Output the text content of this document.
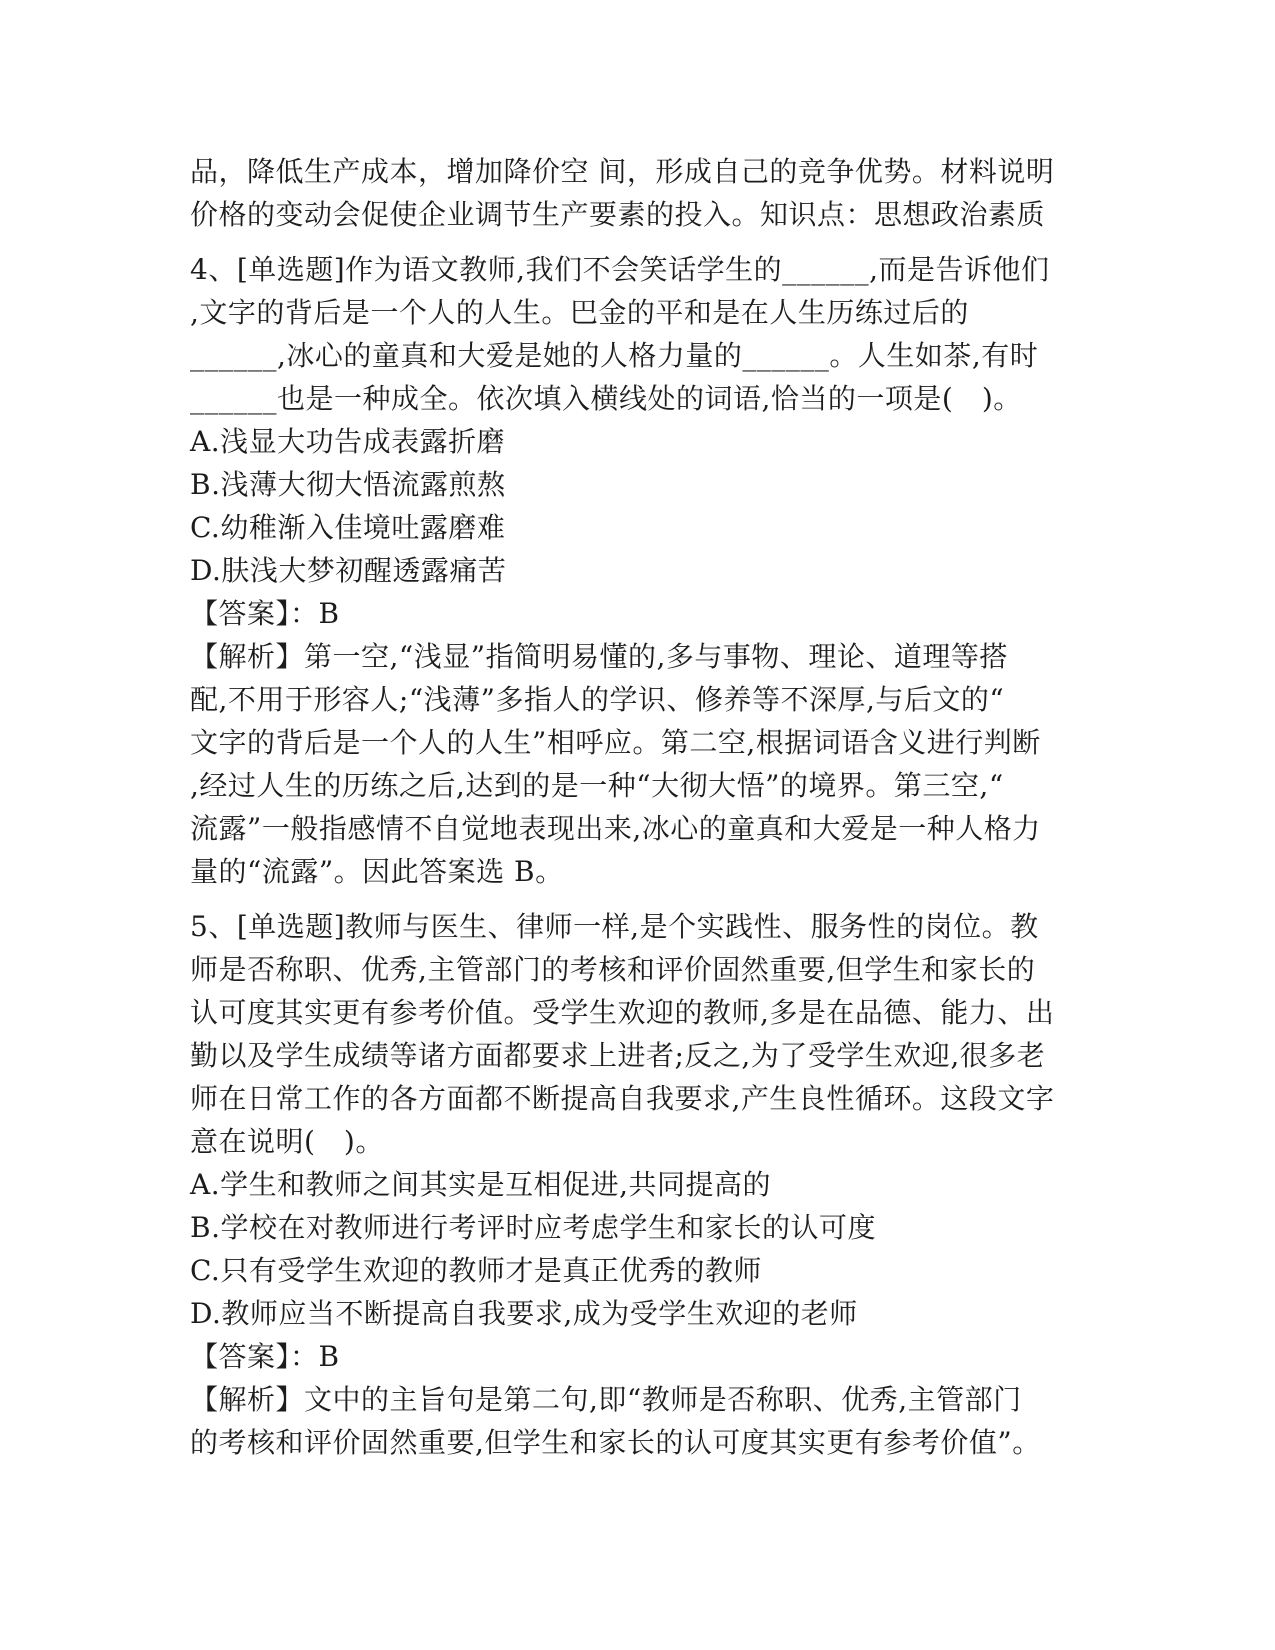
品，降低生产成本，增加降价空 间，形成自己的竞争优势。材料说明
价格的变动会促使企业调节生产要素的投入。知识点：思想政治素质
4、[单选题]作为语文教师,我们不会笑话学生的______,而是告诉他们
,文字的背后是一个人的人生。巴金的平和是在人生历练过后的
______,冰心的童真和大爱是她的人格力量的______。人生如茶,有时
______也是一种成全。依次填入横线处的词语,恰当的一项是(　)。
A.浅显大功告成表露折磨
B.浅薄大彻大悟流露煎熬
C.幼稚渐入佳境吐露磨难
D.肤浅大梦初醒透露痛苦
【答案】：B
【解析】第一空,“浅显”指简明易懂的,多与事物、理论、道理等搭
配,不用于形容人;“浅薄”多指人的学识、修养等不深厚,与后文的“
文字的背后是一个人的人生”相呼应。第二空,根据词语含义进行判断
,经过人生的历练之后,达到的是一种“大彻大悟”的境界。第三空,“
流露”一般指感情不自觉地表现出来,冰心的童真和大爱是一种人格力
量的“流露”。因此答案选 B。
5、[单选题]教师与医生、律师一样,是个实践性、服务性的岗位。教
师是否称职、优秀,主管部门的考核和评价固然重要,但学生和家长的
认可度其实更有参考价值。受学生欢迎的教师,多是在品德、能力、出
勤以及学生成绩等诸方面都要求上进者;反之,为了受学生欢迎,很多老
师在日常工作的各方面都不断提高自我要求,产生良性循环。这段文字
意在说明(　)。
A.学生和教师之间其实是互相促进,共同提高的
B.学校在对教师进行考评时应考虑学生和家长的认可度
C.只有受学生欢迎的教师才是真正优秀的教师
D.教师应当不断提高自我要求,成为受学生欢迎的老师
【答案】：B
【解析】文中的主旨句是第二句,即“教师是否称职、优秀,主管部门
的考核和评价固然重要,但学生和家长的认可度其实更有参考价值”。
